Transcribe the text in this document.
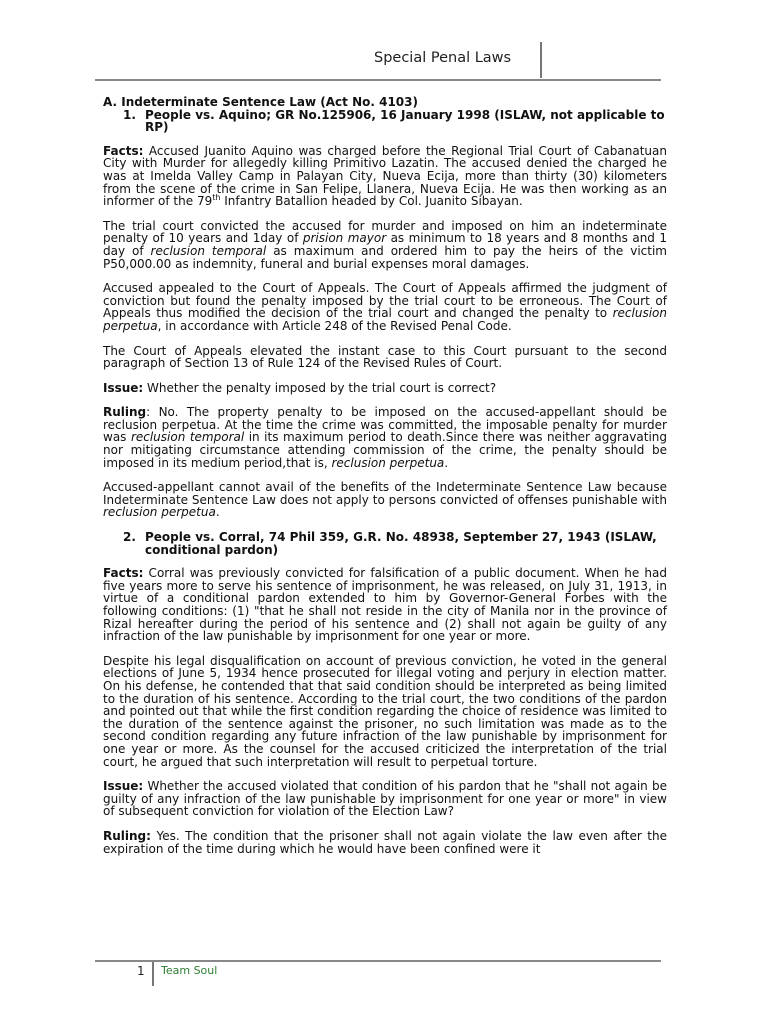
Special Penal Laws
A. Indeterminate Sentence Law (Act No. 4103)
1. People vs. Aquino; GR No.125906, 16 January 1998 (ISLAW, not applicable to RP)

Facts: Accused Juanito Aquino was charged before the Regional Trial Court of Cabanatuan City with Murder for allegedly killing Primitivo Lazatin. The accused denied the charged he was at Imelda Valley Camp in Palayan City, Nueva Ecija, more than thirty (30) kilometers from the scene of the crime in San Felipe, Llanera, Nueva Ecija. He was then working as an informer of the 79th Infantry Batallion headed by Col. Juanito Sibayan.

The trial court convicted the accused for murder and imposed on him an indeterminate penalty of 10 years and 1day of prision mayor as minimum to 18 years and 8 months and 1 day of reclusion temporal as maximum and ordered him to pay the heirs of the victim P50,000.00 as indemnity, funeral and burial expenses moral damages.

Accused appealed to the Court of Appeals. The Court of Appeals affirmed the judgment of conviction but found the penalty imposed by the trial court to be erroneous. The Court of Appeals thus modified the decision of the trial court and changed the penalty to reclusion perpetua, in accordance with Article 248 of the Revised Penal Code.

The Court of Appeals elevated the instant case to this Court pursuant to the second paragraph of Section 13 of Rule 124 of the Revised Rules of Court.

Issue: Whether the penalty imposed by the trial court is correct?

Ruling: No. The property penalty to be imposed on the accused-appellant should be reclusion perpetua. At the time the crime was committed, the imposable penalty for murder was reclusion temporal in its maximum period to death.Since there was neither aggravating nor mitigating circumstance attending commission of the crime, the penalty should be imposed in its medium period,that is, reclusion perpetua.

Accused-appellant cannot avail of the benefits of the Indeterminate Sentence Law because Indeterminate Sentence Law does not apply to persons convicted of offenses punishable with reclusion perpetua.

2. People vs. Corral, 74 Phil 359, G.R. No. 48938, September 27, 1943 (ISLAW, conditional pardon)

Facts: Corral was previously convicted for falsification of a public document. When he had five years more to serve his sentence of imprisonment, he was released, on July 31, 1913, in virtue of a conditional pardon extended to him by Governor-General Forbes with the following conditions: (1) "that he shall not reside in the city of Manila nor in the province of Rizal hereafter during the period of his sentence and (2) shall not again be guilty of any infraction of the law punishable by imprisonment for one year or more.

Despite his legal disqualification on account of previous conviction, he voted in the general elections of June 5, 1934 hence prosecuted for illegal voting and perjury in election matter. On his defense, he contended that that said condition should be interpreted as being limited to the duration of his sentence. According to the trial court, the two conditions of the pardon and pointed out that while the first condition regarding the choice of residence was limited to the duration of the sentence against the prisoner, no such limitation was made as to the second condition regarding any future infraction of the law punishable by imprisonment for one year or more. As the counsel for the accused criticized the interpretation of the trial court, he argued that such interpretation will result to perpetual torture.

Issue: Whether the accused violated that condition of his pardon that he "shall not again be guilty of any infraction of the law punishable by imprisonment for one year or more" in view of subsequent conviction for violation of the Election Law?

Ruling: Yes. The condition that the prisoner shall not again violate the law even after the expiration of the time during which he would have been confined were it

1 Team Soul
